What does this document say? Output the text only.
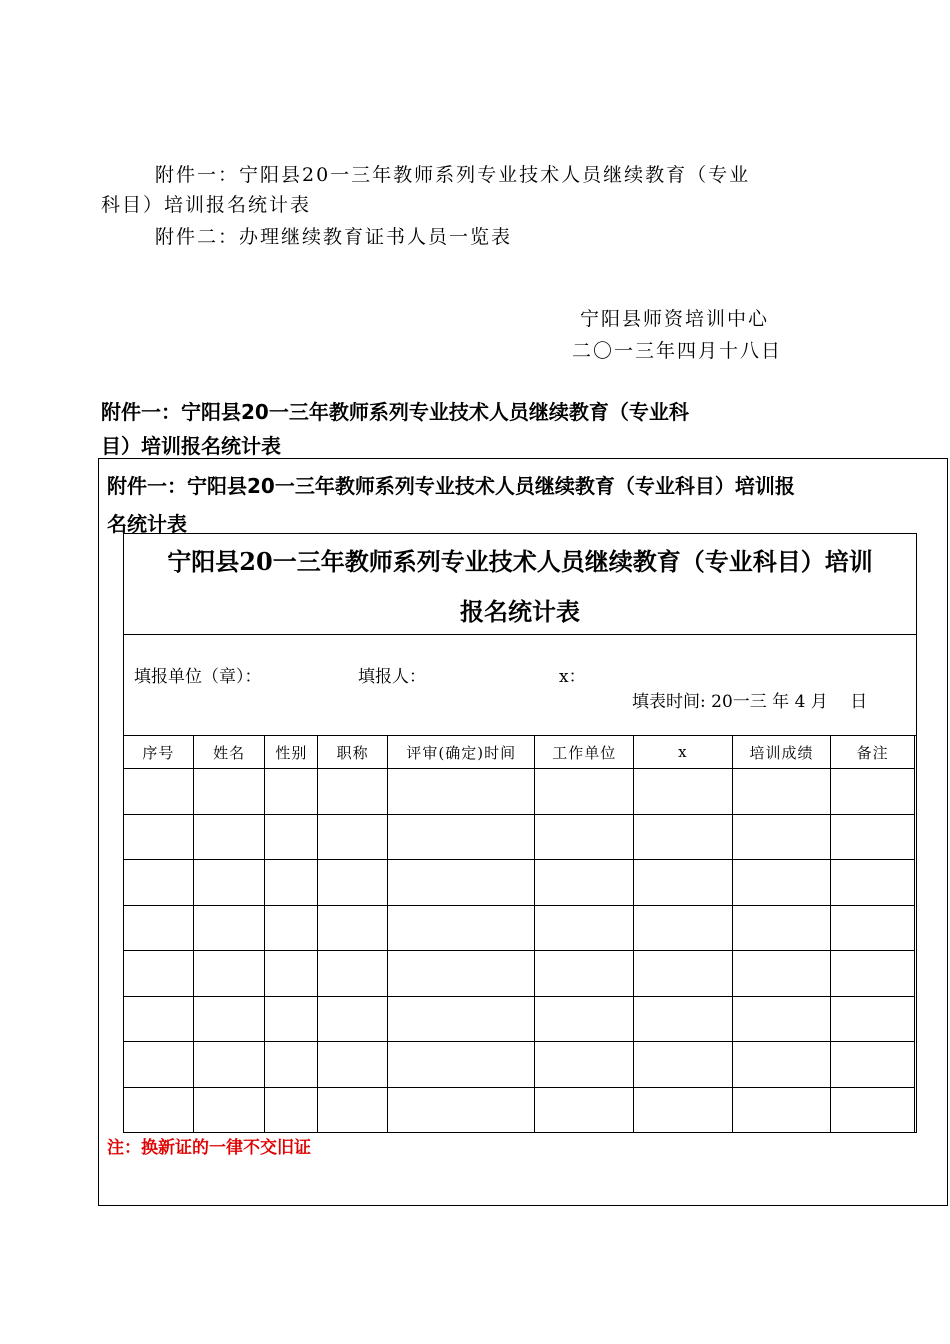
附件一：宁阳县20一三年教师系列专业技术人员继续教育（专业
科目）培训报名统计表
附件二：办理继续教育证书人员一览表
宁阳县师资培训中心
二〇一三年四月十八日
附件一：宁阳县20一三年教师系列专业技术人员继续教育（专业科
目）培训报名统计表
附件一：宁阳县20一三年教师系列专业技术人员继续教育（专业科目）培训报
名统计表
宁阳县20一三年教师系列专业技术人员继续教育（专业科目）培训
报名统计表
填报单位（章）：	填报人：	x：
填表时间: 20一三 年 4 月　 日
序号	姓名	性别	职称	评审(确定)时间	工作单位	x	培训成绩	备注

注：换新证的一律不交旧证
